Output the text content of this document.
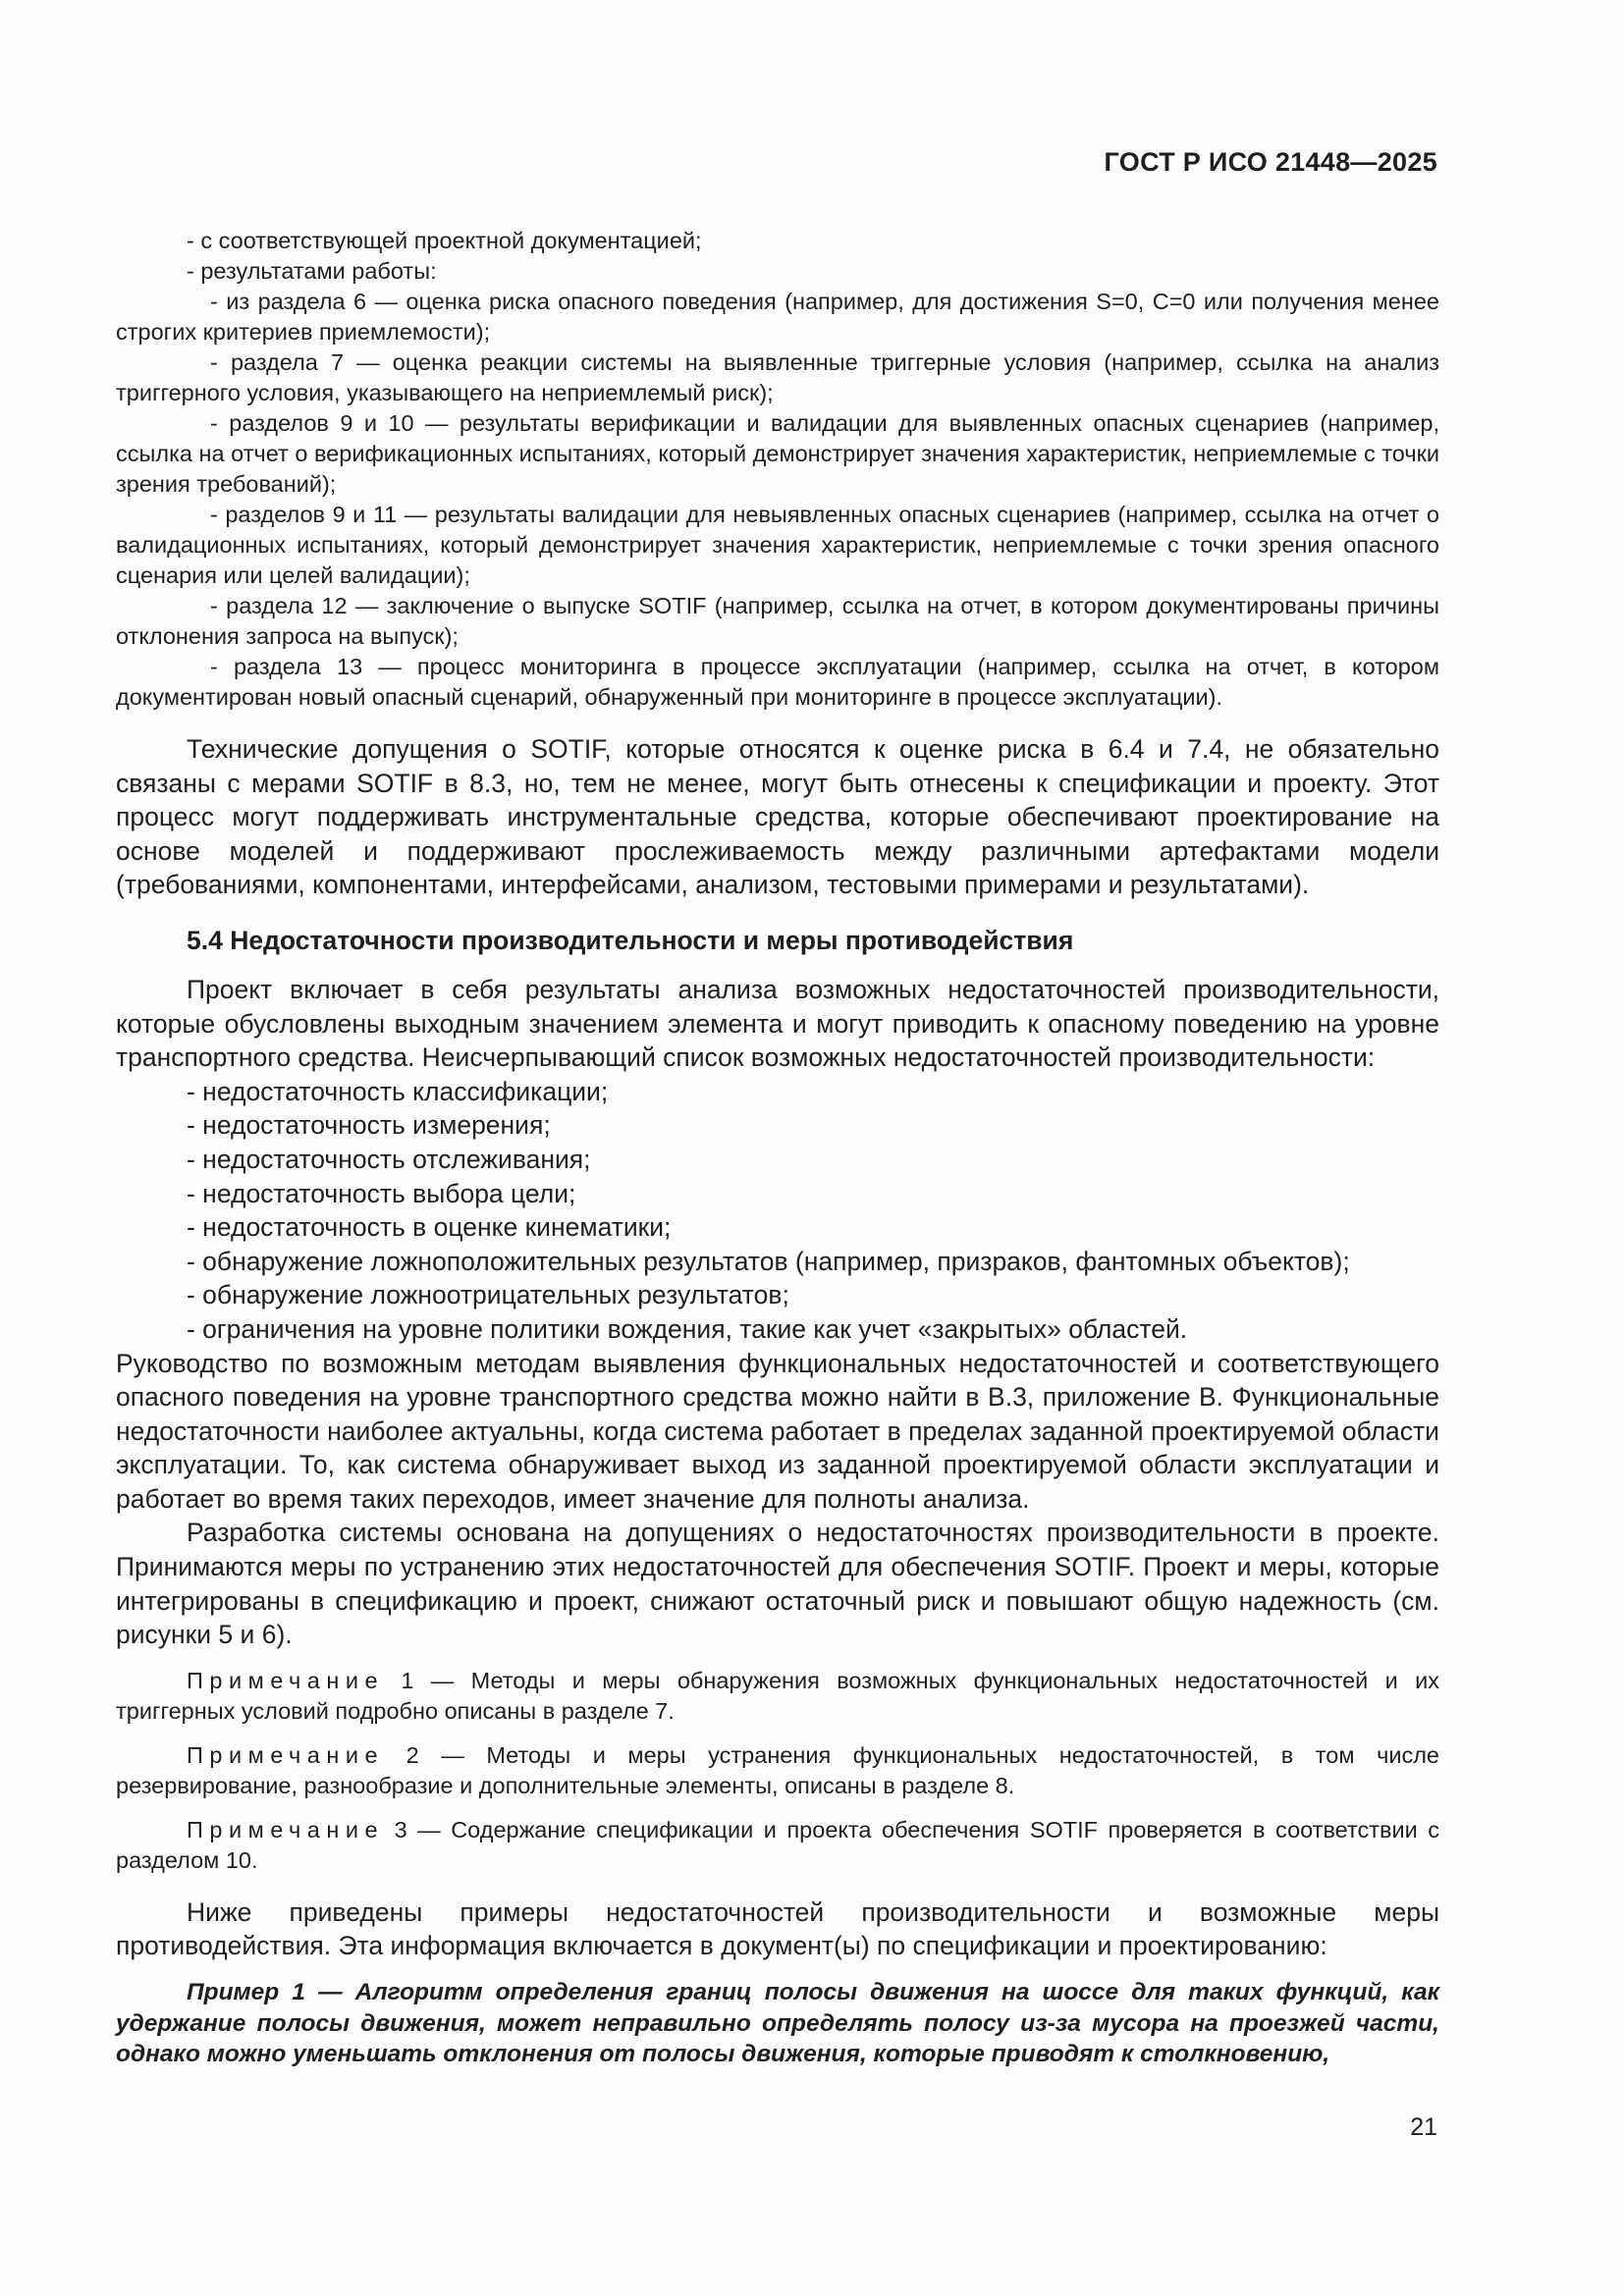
ГОСТ Р ИСО 21448—2025

- с соответствующей проектной документацией;

- результатами работы:

- из раздела 6 — оценка риска опасного поведения (например, для достижения S=0, C=0 или получения менее строгих критериев приемлемости);

- раздела 7 — оценка реакции системы на выявленные триггерные условия (например, ссылка на анализ триггерного условия, указывающего на неприемлемый риск);

- разделов 9 и 10 — результаты верификации и валидации для выявленных опасных сценариев (например, ссылка на отчет о верификационных испытаниях, который демонстрирует значения характеристик, неприемлемые с точки зрения требований);

- разделов 9 и 11 — результаты валидации для невыявленных опасных сценариев (например, ссылка на отчет о валидационных испытаниях, который демонстрирует значения характеристик, неприемлемые с точки зрения опасного сценария или целей валидации);

- раздела 12 — заключение о выпуске SOTIF (например, ссылка на отчет, в котором документированы причины отклонения запроса на выпуск);

- раздела 13 — процесс мониторинга в процессе эксплуатации (например, ссылка на отчет, в котором документирован новый опасный сценарий, обнаруженный при мониторинге в процессе эксплуатации).

Технические допущения о SOTIF, которые относятся к оценке риска в 6.4 и 7.4, не обязательно связаны с мерами SOTIF в 8.3, но, тем не менее, могут быть отнесены к спецификации и проекту. Этот процесс могут поддерживать инструментальные средства, которые обеспечивают проектирование на основе моделей и поддерживают прослеживаемость между различными артефактами модели (требованиями, компонентами, интерфейсами, анализом, тестовыми примерами и результатами).

5.4 Недостаточности производительности и меры противодействия

Проект включает в себя результаты анализа возможных недостаточностей производительности, которые обусловлены выходным значением элемента и могут приводить к опасному поведению на уровне транспортного средства. Неисчерпывающий список возможных недостаточностей производительности:

- недостаточность классификации;

- недостаточность измерения;

- недостаточность отслеживания;

- недостаточность выбора цели;

- недостаточность в оценке кинематики;

- обнаружение ложноположительных результатов (например, призраков, фантомных объектов);

- обнаружение ложноотрицательных результатов;

- ограничения на уровне политики вождения, такие как учет «закрытых» областей.

Руководство по возможным методам выявления функциональных недостаточностей и соответствующего опасного поведения на уровне транспортного средства можно найти в В.3, приложение В. Функциональные недостаточности наиболее актуальны, когда система работает в пределах заданной проектируемой области эксплуатации. То, как система обнаруживает выход из заданной проектируемой области эксплуатации и работает во время таких переходов, имеет значение для полноты анализа.

Разработка системы основана на допущениях о недостаточностях производительности в проекте. Принимаются меры по устранению этих недостаточностей для обеспечения SOTIF. Проект и меры, которые интегрированы в спецификацию и проект, снижают остаточный риск и повышают общую надежность (см. рисунки 5 и 6).

Примечание 1 — Методы и меры обнаружения возможных функциональных недостаточностей и их триггерных условий подробно описаны в разделе 7.

Примечание 2 — Методы и меры устранения функциональных недостаточностей, в том числе резервирование, разнообразие и дополнительные элементы, описаны в разделе 8.

Примечание 3 — Содержание спецификации и проекта обеспечения SOTIF проверяется в соответствии с разделом 10.

Ниже приведены примеры недостаточностей производительности и возможные меры противодействия. Эта информация включается в документ(ы) по спецификации и проектированию:

Пример 1 — Алгоритм определения границ полосы движения на шоссе для таких функций, как удержание полосы движения, может неправильно определять полосу из-за мусора на проезжей части, однако можно уменьшать отклонения от полосы движения, которые приводят к столкновению,

21
